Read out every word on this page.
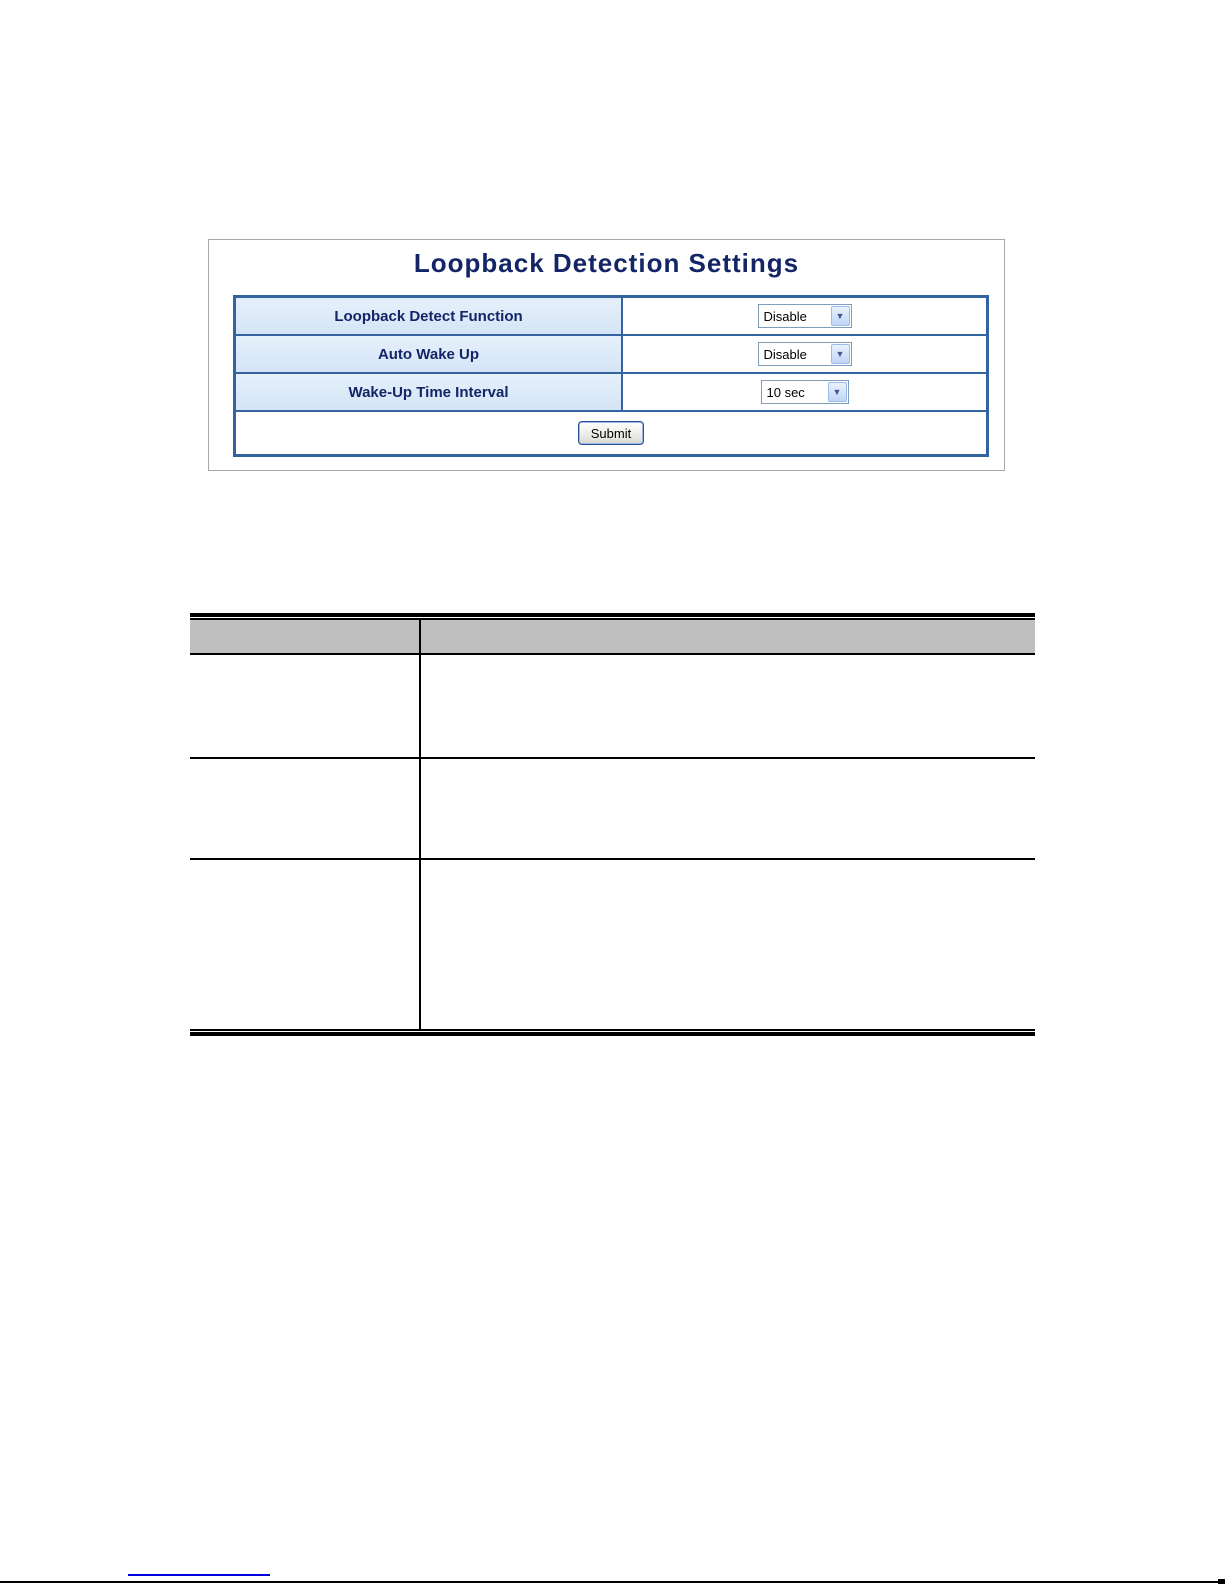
Loopback Detection Settings
Loopback Detect Function	Disable ▼

Auto Wake Up	Disable ▼

Wake-Up Time Interval	10 sec ▼

Submit	
